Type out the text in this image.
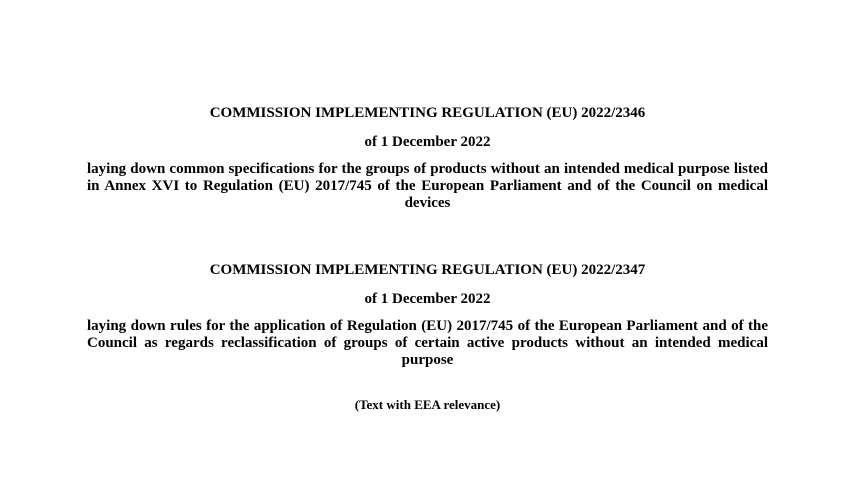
COMMISSION IMPLEMENTING REGULATION (EU) 2022/2346
of 1 December 2022
laying down common specifications for the groups of products without an intended medical purpose listed in Annex XVI to Regulation (EU) 2017/745 of the European Parliament and of the Council on medical devices
COMMISSION IMPLEMENTING REGULATION (EU) 2022/2347
of 1 December 2022
laying down rules for the application of Regulation (EU) 2017/745 of the European Parliament and of the Council as regards reclassification of groups of certain active products without an intended medical purpose
(Text with EEA relevance)
